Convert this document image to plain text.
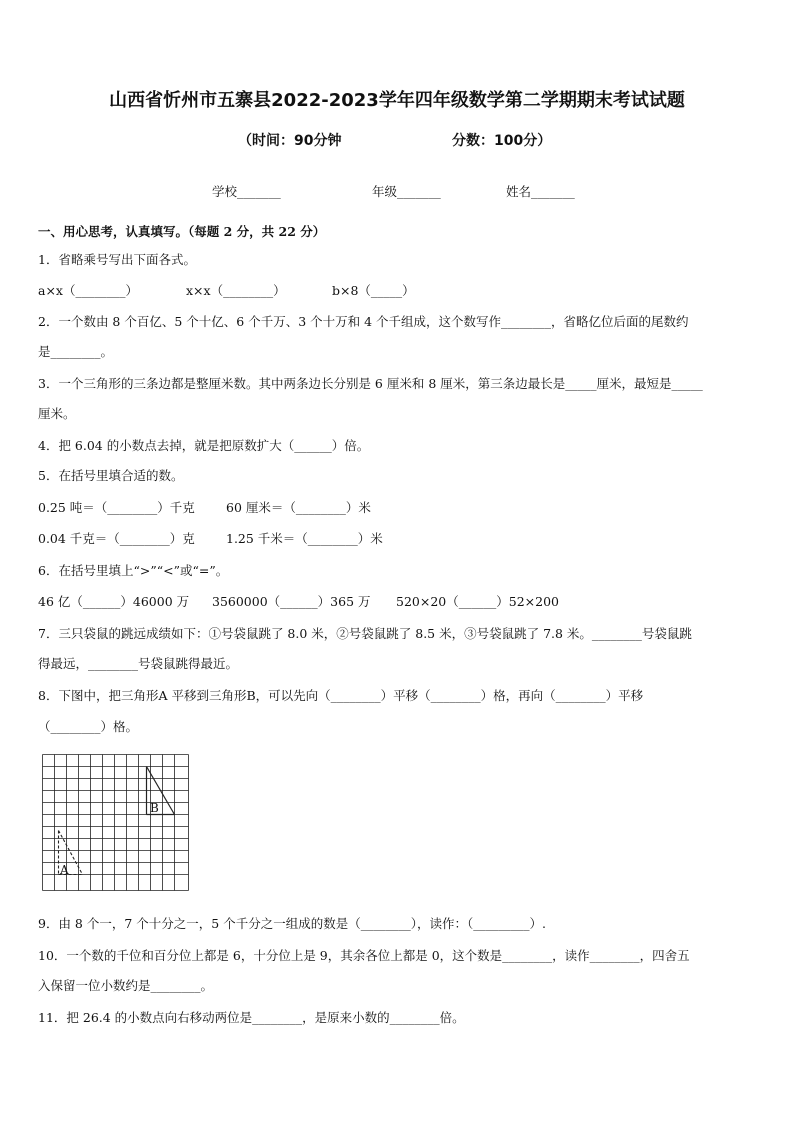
山西省忻州市五寨县2022-2023学年四年级数学第二学期期末考试试题
（时间：90分钟	分数：100分）
学校_______	年级_______	姓名_______
一、用心思考，认真填写。（每题 2 分，共 22 分）
1．省略乘号写出下面各式。
a×x（________）	x×x（________）	b×8（_____）
2．一个数由 8 个百亿、5 个十亿、6 个千万、3 个十万和 4 个千组成，这个数写作________，省略亿位后面的尾数约
是________。
3．一个三角形的三条边都是整厘米数。其中两条边长分别是 6 厘米和 8 厘米，第三条边最长是_____厘米，最短是_____
厘米。
4．把 6.04 的小数点去掉，就是把原数扩大（______）倍。
5．在括号里填合适的数。
0.25 吨＝（________）千克 60 厘米＝（________）米
0.04 千克＝（________）克 1.25 千米＝（________）米
6．在括号里填上“>”“<”或“=”。
46 亿（______）46000 万 3560000（______）365 万 520×20（______）52×200
7．三只袋鼠的跳远成绩如下：①号袋鼠跳了 8.0 米，②号袋鼠跳了 8.5 米，③号袋鼠跳了 7.8 米。________号袋鼠跳
得最远，________号袋鼠跳得最近。
8．下图中，把三角形A 平移到三角形B，可以先向（________）平移（________）格，再向（________）平移
（________）格。
B
A
9．由 8 个一，7 个十分之一，5 个千分之一组成的数是（________），读作：（_________）.
10．一个数的千位和百分位上都是 6，十分位上是 9，其余各位上都是 0，这个数是________，读作________，四舍五
入保留一位小数约是________。
11．把 26.4 的小数点向右移动两位是________，是原来小数的________倍。
